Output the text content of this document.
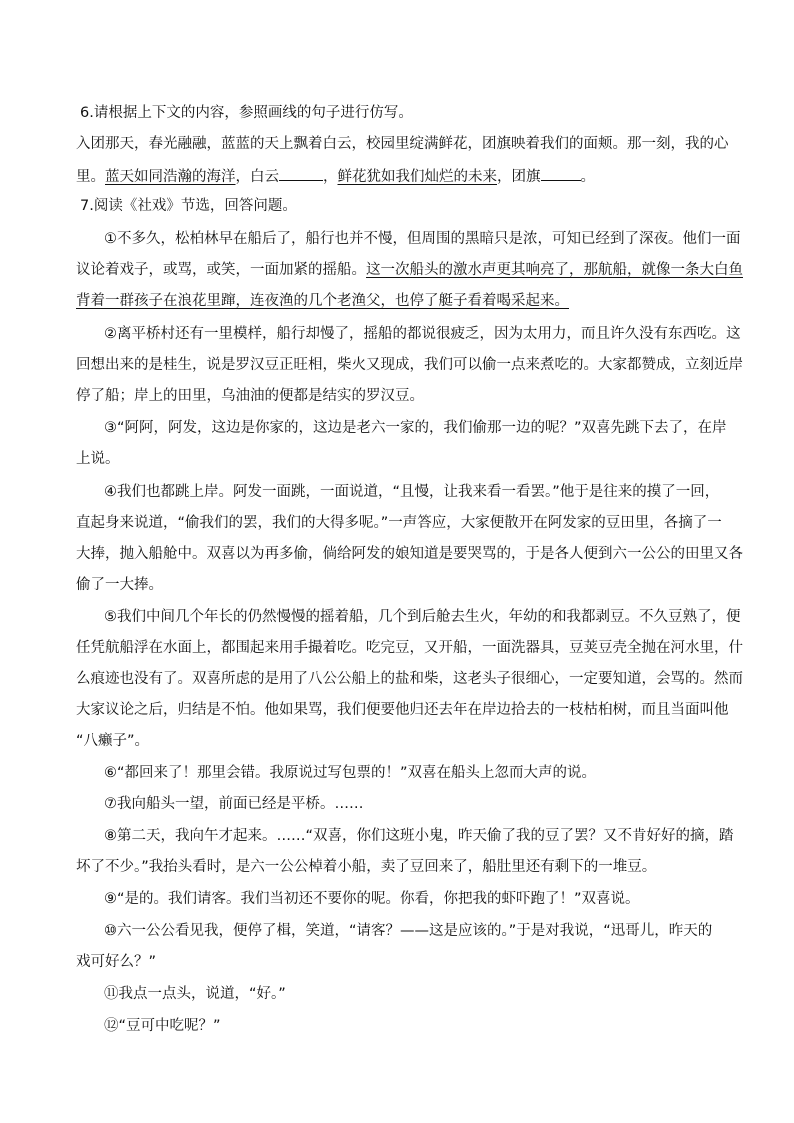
6.请根据上下文的内容，参照画线的句子进行仿写。
入团那天，春光融融，蓝蓝的天上飘着白云，校园里绽满鲜花，团旗映着我们的面颊。那一刻，我的心
里。蓝天如同浩瀚的海洋，白云	，鲜花犹如我们灿烂的未来，团旗	。
7.阅读《社戏》节选，回答问题。
①不多久，松柏林早在船后了，船行也并不慢，但周围的黑暗只是浓，可知已经到了深夜。他们一面
议论着戏子，或骂，或笑，一面加紧的摇船。这一次船头的激水声更其响亮了，那航船，就像一条大白鱼
背着一群孩子在浪花里蹿，连夜渔的几个老渔父，也停了艇子看着喝采起来。
②离平桥村还有一里模样，船行却慢了，摇船的都说很疲乏，因为太用力，而且许久没有东西吃。这
回想出来的是桂生，说是罗汉豆正旺相，柴火又现成，我们可以偷一点来煮吃的。大家都赞成，立刻近岸
停了船；岸上的田里，乌油油的便都是结实的罗汉豆。
③“阿阿，阿发，这边是你家的，这边是老六一家的，我们偷那一边的呢？”双喜先跳下去了，在岸
上说。
④我们也都跳上岸。阿发一面跳，一面说道，“且慢，让我来看一看罢。”他于是往来的摸了一回，
直起身来说道，“偷我们的罢，我们的大得多呢。”一声答应，大家便散开在阿发家的豆田里，各摘了一
大捧，抛入船舱中。双喜以为再多偷，倘给阿发的娘知道是要哭骂的，于是各人便到六一公公的田里又各
偷了一大捧。
⑤我们中间几个年长的仍然慢慢的摇着船，几个到后舱去生火，年幼的和我都剥豆。不久豆熟了，便
任凭航船浮在水面上，都围起来用手撮着吃。吃完豆，又开船，一面洗器具，豆荚豆壳全抛在河水里，什
么痕迹也没有了。双喜所虑的是用了八公公船上的盐和柴，这老头子很细心，一定要知道，会骂的。然而
大家议论之后，归结是不怕。他如果骂，我们便要他归还去年在岸边拾去的一枝枯桕树，而且当面叫他
“八癞子”。
⑥“都回来了！那里会错。我原说过写包票的！”双喜在船头上忽而大声的说。
⑦我向船头一望，前面已经是平桥。……
⑧第二天，我向午才起来。……“双喜，你们这班小鬼，昨天偷了我的豆了罢？又不肯好好的摘，踏
坏了不少。”我抬头看时，是六一公公棹着小船，卖了豆回来了，船肚里还有剩下的一堆豆。
⑨“是的。我们请客。我们当初还不要你的呢。你看，你把我的虾吓跑了！”双喜说。
⑩六一公公看见我，便停了楫，笑道，“请客？——这是应该的。”于是对我说，“迅哥儿，昨天的
戏可好么？”
⑪我点一点头，说道，“好。”
⑫“豆可中吃呢？”
